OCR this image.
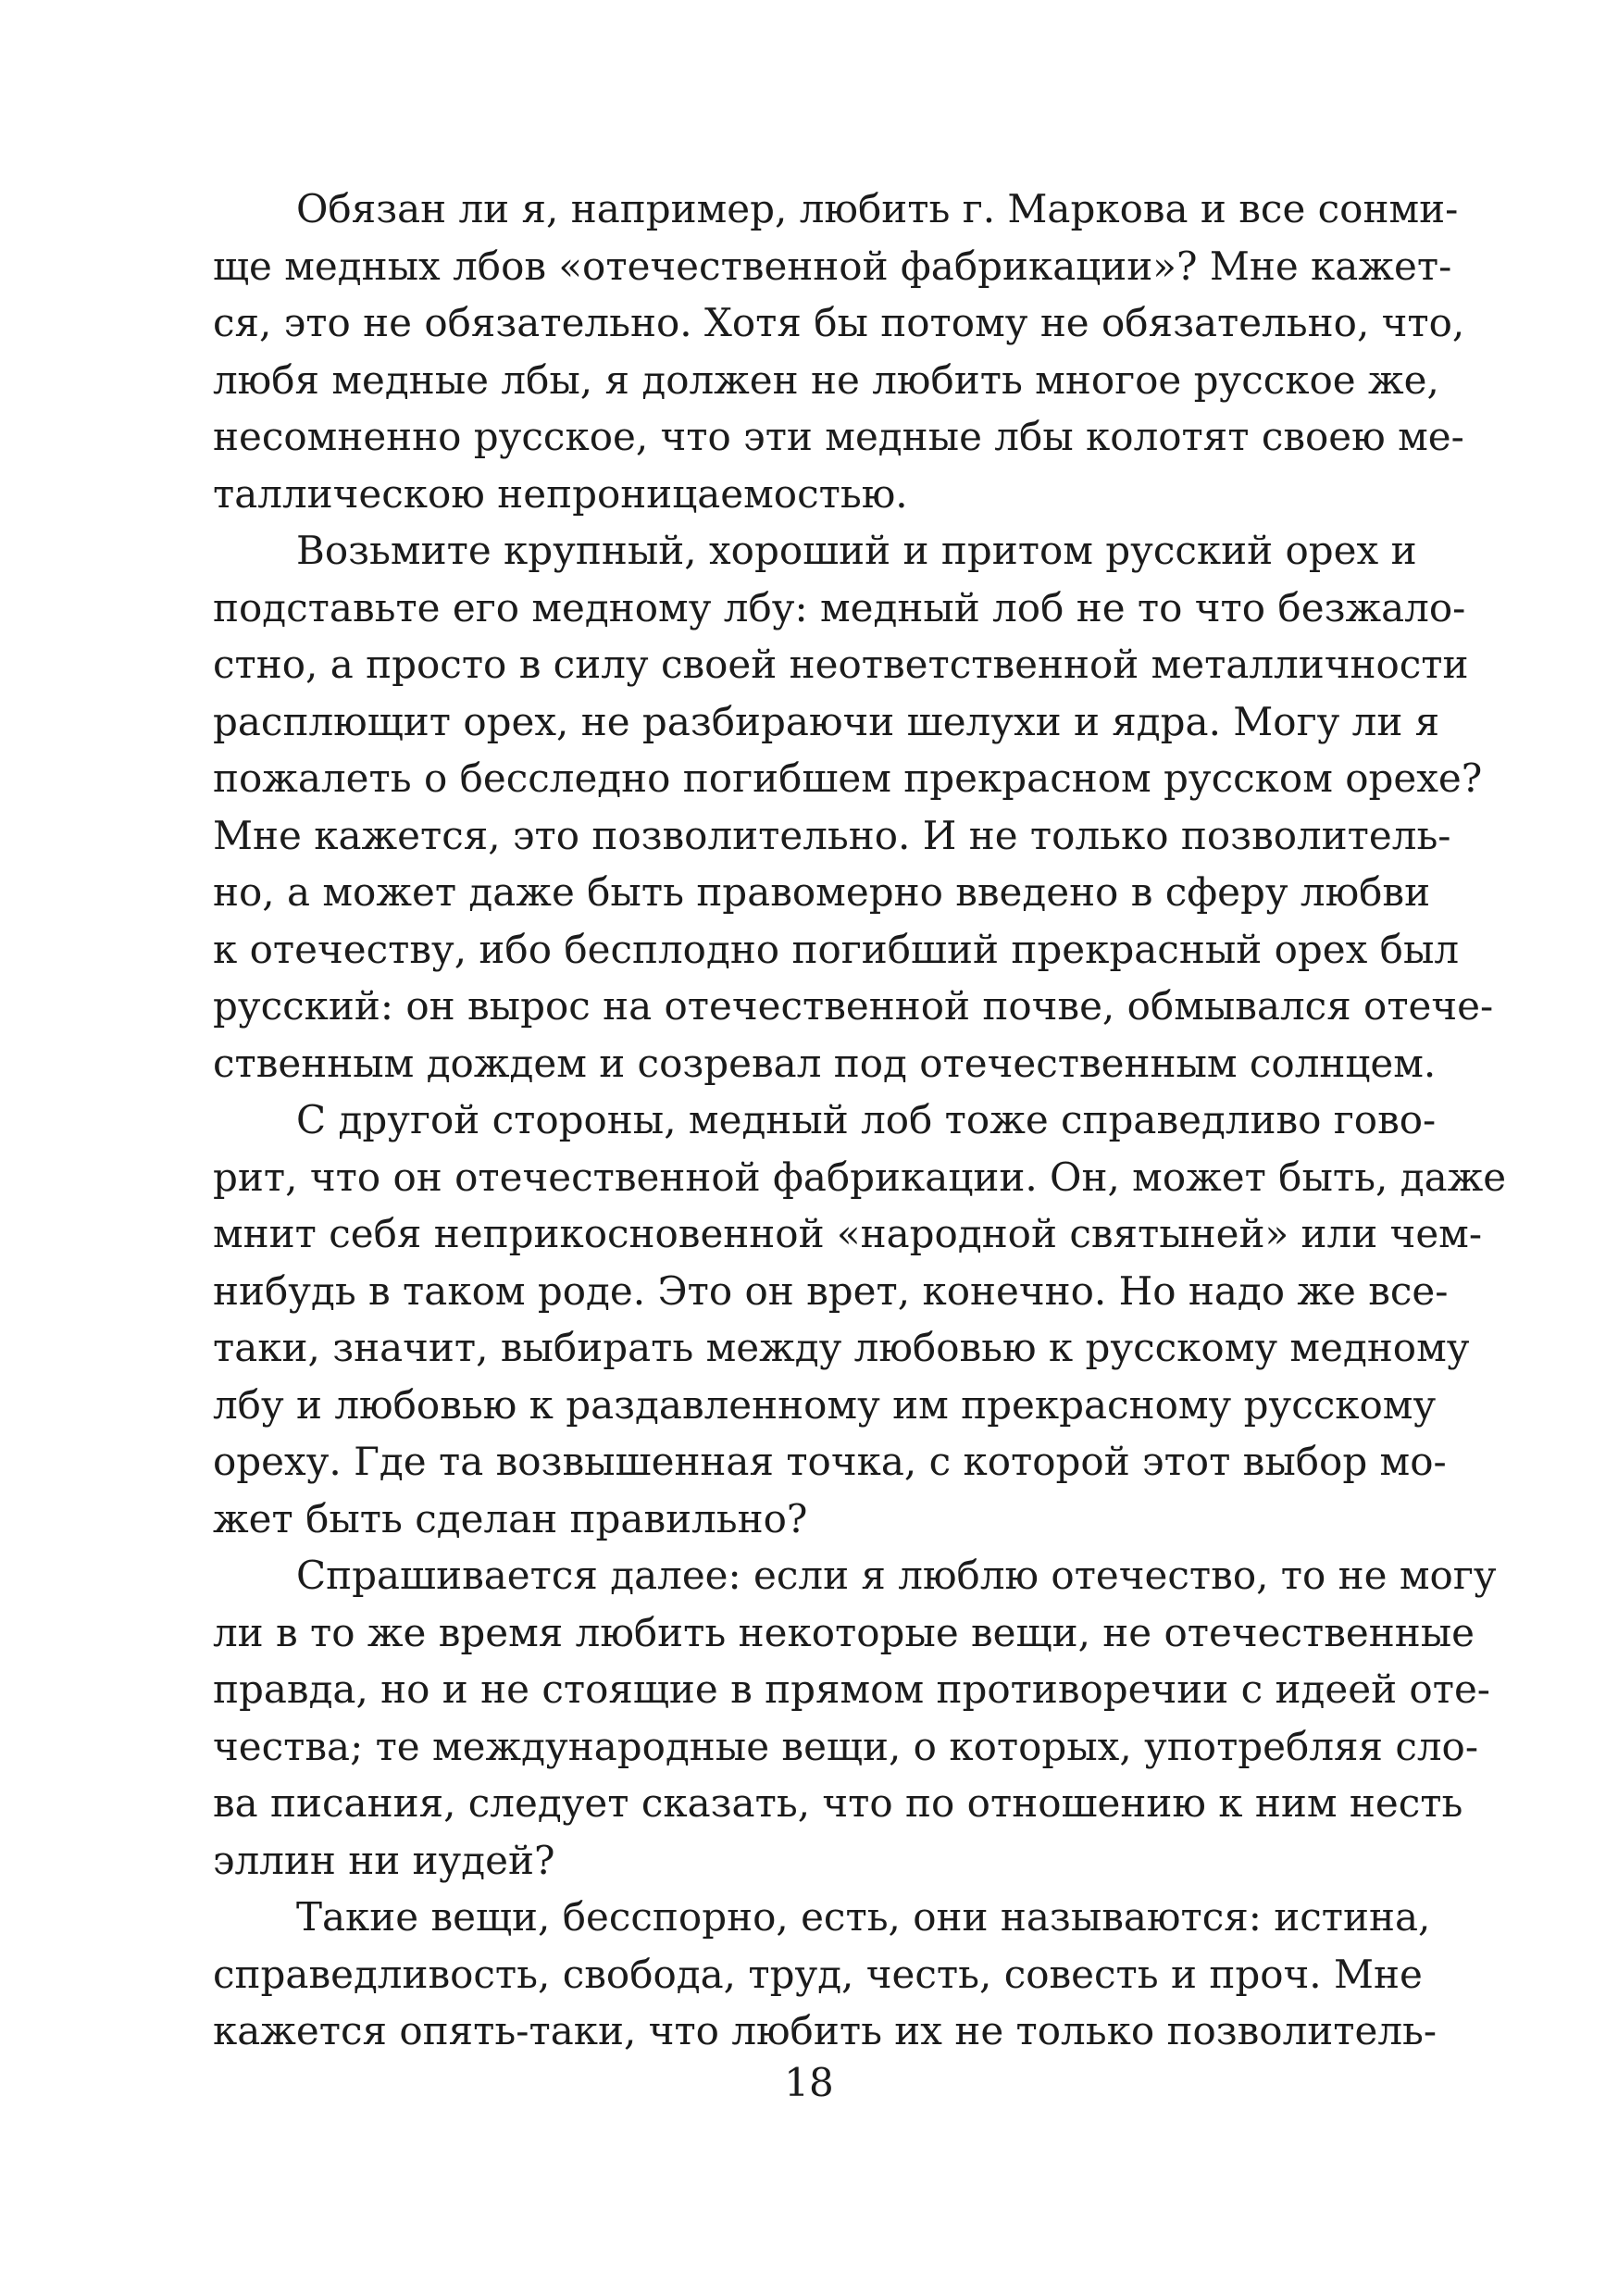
Обязан ли я, например, любить г. Маркова и все сонми-
ще медных лбов «отечественной фабрикации»? Мне кажет-
ся, это не обязательно. Хотя бы потому не обязательно, что,
любя медные лбы, я должен не любить многое русское же,
несомненно русское, что эти медные лбы колотят своею ме-
таллическою непроницаемостью.
Возьмите крупный, хороший и притом русский орех и
подставьте его медному лбу: медный лоб не то что безжало-
стно, а просто в силу своей неответственной металличности
расплющит орех, не разбираючи шелухи и ядра. Могу ли я
пожалеть о бесследно погибшем прекрасном русском орехе?
Мне кажется, это позволительно. И не только позволитель-
но, а может даже быть правомерно введено в сферу любви
к отечеству, ибо бесплодно погибший прекрасный орех был
русский: он вырос на отечественной почве, обмывался отече-
ственным дождем и созревал под отечественным солнцем.
С другой стороны, медный лоб тоже справедливо гово-
рит, что он отечественной фабрикации. Он, может быть, даже
мнит себя неприкосновенной «народной святыней» или чем-
нибудь в таком роде. Это он врет, конечно. Но надо же все-
таки, значит, выбирать между любовью к русскому медному
лбу и любовью к раздавленному им прекрасному русскому
ореху. Где та возвышенная точка, с которой этот выбор мо-
жет быть сделан правильно?
Спрашивается далее: если я люблю отечество, то не могу
ли в то же время любить некоторые вещи, не отечественные
правда, но и не стоящие в прямом противоречии с идеей оте-
чества; те международные вещи, о которых, употребляя сло-
ва писания, следует сказать, что по отношению к ним несть
эллин ни иудей?
Такие вещи, бесспорно, есть, они называются: истина,
справедливость, свобода, труд, честь, совесть и проч. Мне
кажется опять-таки, что любить их не только позволитель-
18
